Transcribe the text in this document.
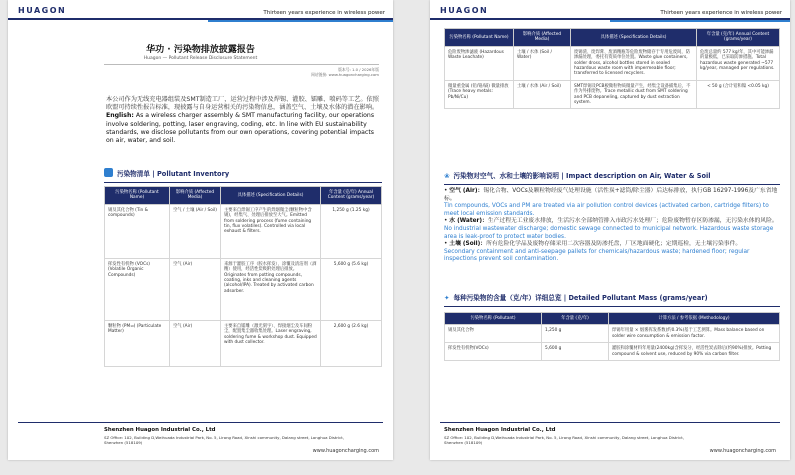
HUAGON	Thirteen years experience in wireless power
华功 · 污染物排放披露报告
Huagon — Pollutant Release Disclosure Statement
版本号: 1.0 / 2026年版
网站链接: www.huagoncharging.com
本公司作为无线充电器组装及SMT制造工厂，运营过程中涉及焊锡、灌胶、镭雕、喷码等工艺。依照欧盟可持续性报告标准，现披露与自身运营相关的污染物信息，涵盖空气、土壤及水体的潜在影响。
English: As a wireless charger assembly & SMT manufacturing facility, our operations involve soldering, potting, laser engraving, coding, etc. In line with EU sustainability standards, we disclose pollutants from our own operations, covering potential impacts on air, water, and soil.
污染物清单 | Pollutant Inventory
污染物名称 (Pollutant Name)	影响介质 (Affected Media)	具体描述 (Specification Details)	年含量 (克/年) Annual Content (grams/year)
锡及其化合物 (Tin & compounds)	空气 / 土壤 (Air / Soil)	主要来自焊锡工序产生的焊烟微尘(颗粒物中含锡)，经集气、处理后排放至大气。Emitted from soldering process (fume containing tin, flux volatiles). Controlled via local exhaust & filters.	1,250 g (1.25 kg)
挥发性有机物 (VOCs) (Volatile Organic Compounds)	空气 (Air)	来源于灌胶工序（胶水挥发）、涂覆及清洁剂（酒精）使用，经活性炭吸附处理后排放。Originates from potting compounds, coating, inks and cleaning agents (alcohol/IPA). Treated by activated carbon adsorber.	5,600 g (5.6 kg)
颗粒物 (PM₁₀) (Particulate Matter)	空气 (Air)	主要来自镭雕（激光刻字）、焊接烟尘及车间粉尘，配置集尘器收集处理。Laser engraving, soldering fume & workshop dust. Equipped with dust collector.	2,600 g (2.6 kg)
Shenzhen Huagon Industrial Co., Ltd
SZ Office: 102, Building D,Weihuada Industrial Park, No. 5, Lirong Road, Xinshi community, Dalang street, Longhua District, Shenzhen (518109)
www.huagoncharging.com
HUAGON	Thirteen years experience in wireless power
污染物名称 (Pollutant Name)	影响介质 (Affected Media)	具体描述 (Specification Details)	年含量 (克/年) Annual Content (grams/year)
危险废物渗滤液 (Hazardous Waste Leachate)	土壤 / 水体 (Soil / Water)	废锡渣、废焊膏、废酒精瓶等危险废物储存于专用危废间，防渗漏处理，委托有资质单位处置。Waste glue containers, solder dross, alcohol bottles stored in sealed hazardous waste room with impermeable floor; transferred to licensed recyclers.	危废总量约 577 kg/年，其中可能渗漏的量极低，已采取防渗措施。Total hazardous waste generated ~577 kg/year, managed per regulations.
微量重金属 (铅/铬/镉) 微量排放 (Trace heavy metals: Pb/Ni/Cu)	土壤 / 水体 (Air / Soil)	SMT焊锡及PCB板微粒物质微量产生，经集尘设备捕集后，不作为外排废物。Trace metallic dust from SMT soldering and PCB depaneling, captured by dust extraction system.	< 50 g (合计铅和镍 <0.05 kg)
❀ 污染物对空气、水和土壤的影响说明 | Impact description on Air, Water & Soil
• 空气 (Air)：锡化合物、VOCs及颗粒物经废气处理设施（活性炭+滤筒/除尘器）后达标排放，执行GB 16297-1996及广东省地标。
Tin compounds, VOCs and PM are treated via air pollution control devices (activated carbon, cartridge filters) to meet local emission standards.
• 水 (Water)：生产过程无工业废水排放，生活污水全部纳管排入市政污水处理厂；危险废物暂存区防渗漏，无污染水体的风险。
No industrial wastewater discharge; domestic sewage connected to municipal network. Hazardous waste storage area is leak-proof to protect water bodies.
• 土壤 (Soil)：所有危险化学品及废物存储采用二次容器及防渗托盘，厂区地面硬化；定期巡检，无土壤污染事件。
Secondary containment and anti-seepage pallets for chemicals/hazardous waste; hardened floor; regular inspections prevent soil contamination.
✦ 每种污染物的含量（克/年）详细总览 | Detailed Pollutant Mass (grams/year)
污染物名称 (Pollutant)	年含量 (克/年)	计算方法 / 参考依据 (Methodology)
锡及其化合物	1,250 g	焊锡年用量 × 烟雾挥发系数(约0.3%)基于工艺测算。Mass balance based on solder wire consumption & emission factor.
挥发性有机物(VOCs)	5,600 g	灌胶和涂覆材料年用量(2400kg)含挥发分，经活性炭去除后(约90%)排放。Potting compound & solvent use, reduced by 90% via carbon filter.
Shenzhen Huagon Industrial Co., Ltd
SZ Office: 102, Building D,Weihuada Industrial Park, No. 5, Lirong Road, Xinshi community, Dalang street, Longhua District, Shenzhen (518109)
www.huagoncharging.com
